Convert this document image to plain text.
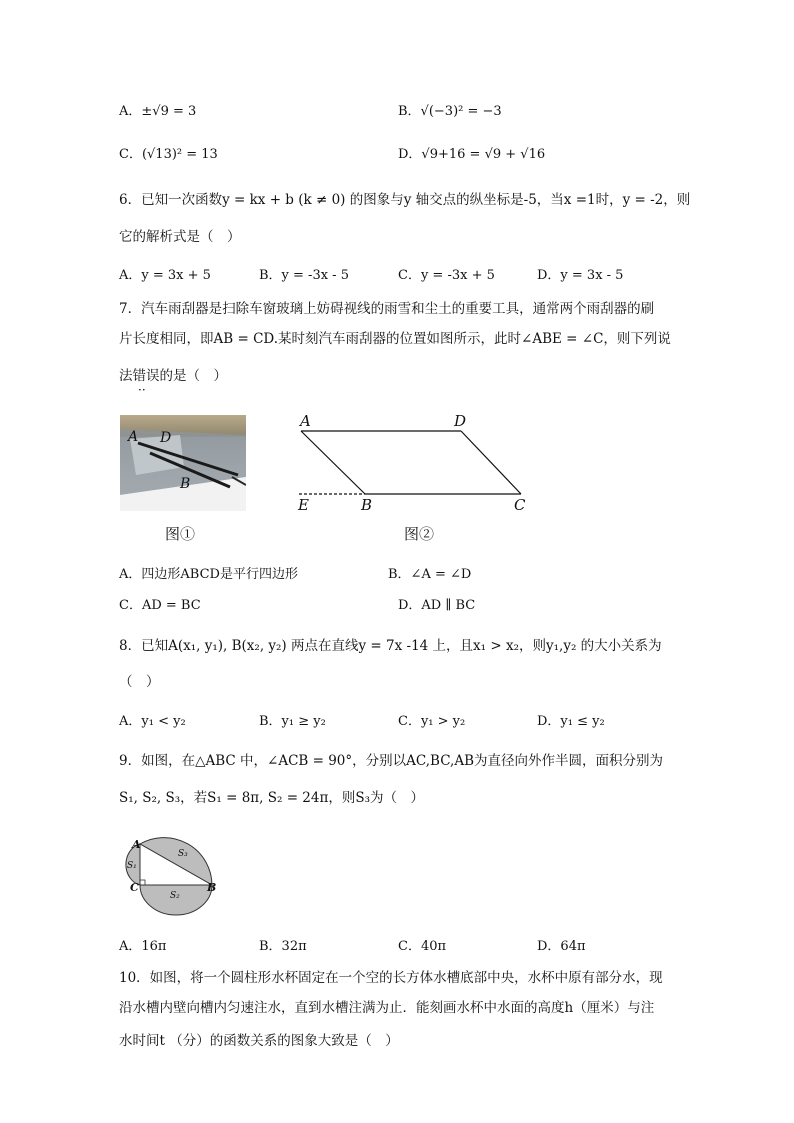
A．±√9 = 3	B．√(−3)² = −3
C．(√13)² = 13	D．√9+16 = √9 + √16
6．已知一次函数y = kx + b (k ≠ 0) 的图象与y 轴交点的纵坐标是-5，当x =1时，y = -2，则
它的解析式是（　）
A．y = 3x + 5	B．y = -3x - 5	C．y = -3x + 5	D．y = 3x - 5
7．汽车雨刮器是扫除车窗玻璃上妨碍视线的雨雪和尘土的重要工具，通常两个雨刮器的刷
片长度相同，即AB = CD.某时刻汽车雨刮器的位置如图所示，此时∠ABE = ∠C，则下列说
法错误的是（　）
··
A D
B
A	D
E	B	C
图①	图②
A．四边形ABCD是平行四边形	B．∠A = ∠D
C．AD = BC	D．AD ∥ BC
8．已知A(x₁, y₁), B(x₂, y₂) 两点在直线y = 7x -14 上，且x₁ > x₂，则y₁,y₂ 的大小关系为
（　）
A．y₁ < y₂	B．y₁ ≥ y₂	C．y₁ > y₂	D．y₁ ≤ y₂
9．如图，在△ABC 中，∠ACB = 90°，分别以AC,BC,AB为直径向外作半圆，面积分别为
S₁, S₂, S₃，若S₁ = 8π, S₂ = 24π，则S₃为（　）
A
C	B
S₁
S₂
S₃
A．16π	B．32π	C．40π	D．64π
10．如图，将一个圆柱形水杯固定在一个空的长方体水槽底部中央，水杯中原有部分水，现
沿水槽内壁向槽内匀速注水，直到水槽注满为止．能刻画水杯中水面的高度h（厘米）与注
水时间t （分）的函数关系的图象大致是（　）
